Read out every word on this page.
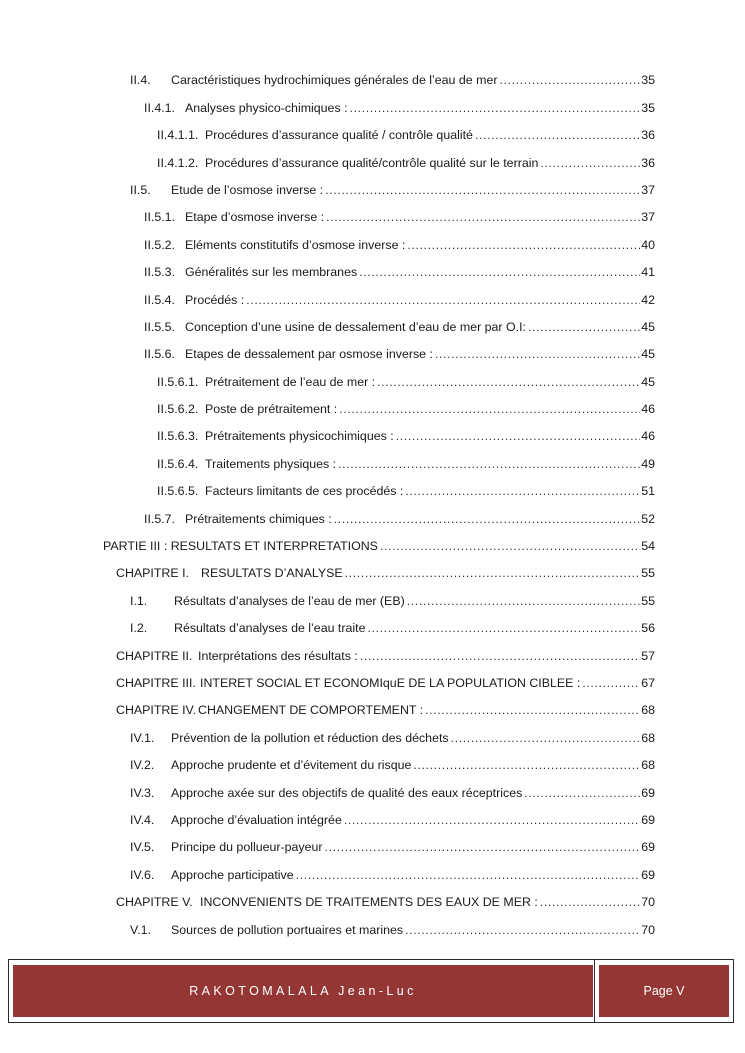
II.4.	Caractéristiques hydrochimiques générales de l’eau de mer .....	35
II.4.1. Analyses physico-chimiques : .....	35
II.4.1.1. Procédures d’assurance qualité / contrôle qualité .....	36
II.4.1.2. Procédures d’assurance qualité/contrôle qualité sur le terrain .....	36
II.5.	Etude de l’osmose inverse : .....	37
II.5.1. Etape d’osmose inverse : .....	37
II.5.2. Eléments constitutifs d’osmose inverse : .....	40
II.5.3. Généralités sur les membranes .....	41
II.5.4. Procédés : .....	42
II.5.5. Conception d’une usine de dessalement d’eau de mer par O.I: .....	45
II.5.6. Etapes de dessalement par osmose inverse : .....	45
II.5.6.1. Prétraitement de l’eau de mer : .....	45
II.5.6.2. Poste de prétraitement : .....	46
II.5.6.3. Prétraitements physicochimiques : .....	46
II.5.6.4. Traitements physiques : .....	49
II.5.6.5. Facteurs limitants de ces procédés : .....	51
II.5.7. Prétraitements chimiques : .....	52
PARTIE III : RESULTATS ET INTERPRETATIONS .....	54
CHAPITRE I. RESULTATS D’ANALYSE .....	55
I.1.	Résultats d’analyses de l’eau de mer (EB) .....	55
I.2.	Résultats d’analyses de l’eau traite .....	56
CHAPITRE II. Interprétations des résultats : .....	57
CHAPITRE III. INTERET SOCIAL ET ECONOMIquE DE LA POPULATION CIBLEE : .....	67
CHAPITRE IV. CHANGEMENT DE COMPORTEMENT : .....	68
IV.1.	Prévention de la pollution et réduction des déchets .....	68
IV.2.	Approche prudente et d’évitement du risque .....	68
IV.3.	Approche axée sur des objectifs de qualité des eaux réceptrices .....	69
IV.4.	Approche d’évaluation intégrée .....	69
IV.5.	Principe du pollueur-payeur .....	69
IV.6.	Approche participative .....	69
CHAPITRE V. INCONVENIENTS DE TRAITEMENTS DES EAUX DE MER : .....	70
V.1.	Sources de pollution portuaires et marines .....	70
RAKOTOMALALA Jean-Luc	Page V
